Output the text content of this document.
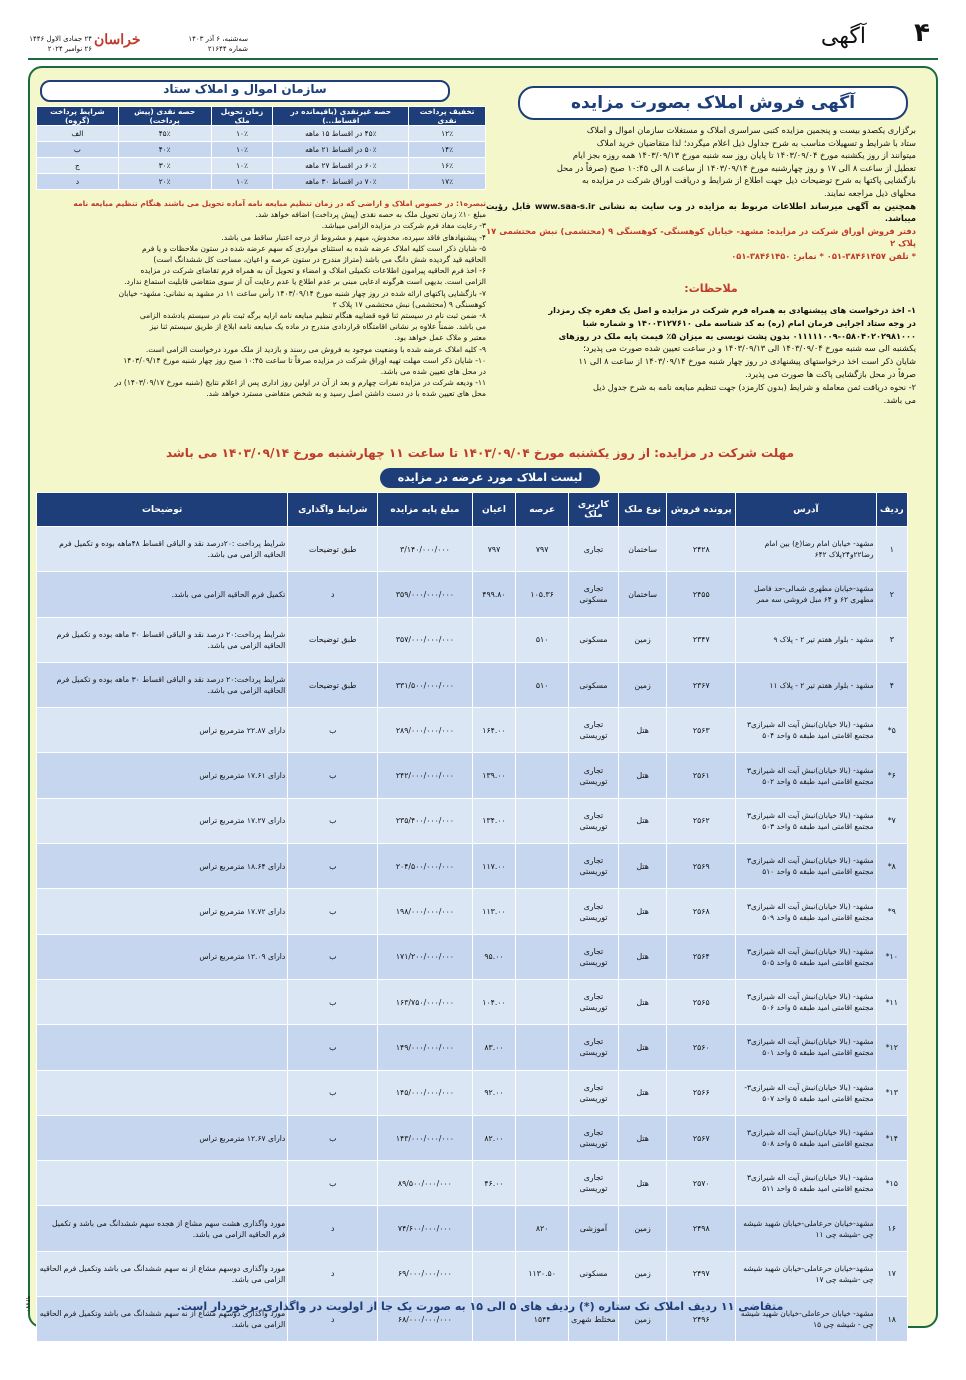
۴
آگهی
خراسان	سه‌شنبه، ۶ آذر ۱۴۰۳
شماره ۲۱۶۴۴
۲۴ جمادی الاول ۱۴۴۶
۲۶ نوامبر ۲۰۲۴
آگهی فروش املاک بصورت مزایده
سازمان اموال و املاک ستاد
برگزاری یکصدو بیست و پنجمین مزایده کتبی سراسری املاک و مستغلات سازمان اموال و املاک
ستاد با شرایط و تسهیلات مناسب به شرح جداول ذیل اعلام میگردد؛ لذا متقاضیان خرید املاک
میتوانند از روز یکشنبه مورخ ۱۴۰۳/۰۹/۰۴ تا پایان روز سه شنبه مورخ ۱۴۰۳/۰۹/۱۳ همه روزه بجز ایام
تعطیل از ساعت ۸ الی ۱۷ و روز چهارشنبه مورخ ۱۴۰۳/۰۹/۱۴ از ساعت ۸ الی ۱۰:۴۵ صبح (صرفاً در محل
بازگشایی پاکتها به شرح توضیحات ذیل جهت اطلاع از شرایط و دریافت اوراق شرکت در مزایده به
محلهای ذیل مراجعه نمایند.
همچنین به آگهی میرساند اطلاعات مربوط به مزایده در وب سایت به نشانی www.saa-s.ir قابل رؤیت میباشد.
دفتر فروش اوراق شرکت در مزایده: مشهد- خیابان کوهسنگی- کوهسنگی ۹ (محتشمی) نبش محتشمی ۱۷ پلاک ۲
* تلفن ۳۸۴۶۱۴۵۷-۰۵۱ * نمابر: ۳۸۴۶۱۴۵۰-۰۵۱
ملاحظات:
۱- اخذ درخواست های پیشنهادی به همراه فرم شرکت در مزایده و اصل یک فقره چک رمزدار
در وجه ستاد اجرایی فرمان امام (ره) به کد شناسه ملی ۱۴۰۰۳۱۲۷۶۱۰ و شماره شبا
۰۱۱۱۱۱۰۰۹-۰۵۸۰۴۰۲۰۲۹۸۱۰۰۰ بدون پشت نویسی به میزان ۵٪ قیمت پایه ملک در روزهای
یکشنبه الی سه شنبه مورخ ۱۴۰۳/۰۹/۰۴ الی ۱۴۰۳/۰۹/۱۳ و در ساعت تعیین شده صورت می پذیرد؛
شایان ذکر است اخذ درخواستهای پیشنهادی در روز چهار شنبه مورخ ۱۴۰۳/۰۹/۱۴ از ساعت ۸ الی ۱۱
صرفاً در محل بازگشایی پاکت ها صورت می پذیرد.
۲- نحوه دریافت ثمن معامله و شرایط (بدون کارمزد) جهت تنظیم مبایعه نامه به شرح جدول ذیل
می باشد.
تخفیف پرداخت نقدی	حصه غیرنقدی (باقیمانده در اقساط...)	زمان تحویل ملک	حصه نقدی (پیش پرداخت)	شرایط پرداخت (گروه)
۱۲٪	۴۵٪ در اقساط ۱۵ ماهه	۱۰٪	۴۵٪	الف
۱۴٪	۵۰٪ در اقساط ۲۱ ماهه	۱۰٪	۴۰٪	ب
۱۶٪	۶۰٪ در اقساط ۲۷ ماهه	۱۰٪	۳۰٪	ج
۱۷٪	۷۰٪ در اقساط ۳۰ ماهه	۱۰٪	۲۰٪	د
تبصره۱: در خصوص املاک و اراضی که در زمان تنظیم مبایعه نامه آماده تحویل می باشند هنگام تنظیم مبایعه نامه
مبلغ ۱۰٪ زمان تحویل ملک به حصه نقدی (پیش پرداخت) اضافه خواهد شد.
۳- رعایت مفاد فرم شرکت در مزایده الزامی میباشد.
۴- پیشنهادهای فاقد سپرده، مخدوش، مبهم و مشروط از درجه اعتبار ساقط می باشد.
۵- شایان ذکر است کلیه املاک عرضه شده به استثنای مواردی که سهم عرضه شده در ستون ملاحظات و یا فرم
الحاقیه قید گردیده شش دانگ می باشد (متراژ مندرج در ستون عرصه و اعیان، مساحت کل ششدانگ است)
۶- اخذ فرم الحاقیه پیرامون اطلاعات تکمیلی املاک و امضاء و تحویل آن به همراه فرم تقاضای شرکت در مزایده
الزامی است. بدیهی است هرگونه ادعایی مبنی بر عدم اطلاع یا عدم رعایت آن از سوی متقاضی قابلیت استماع ندارد.
۷- بازگشایی پاکتهای ارائه شده در روز چهار شنبه مورخ ۱۴۰۳/۰۹/۱۴ رأس ساعت ۱۱ در مشهد به نشانی: مشهد- خیابان
کوهسنگی ۹ (محتشمی) نبش محتشمی ۱۷ پلاک ۲
۸- ضمن ثبت نام در سیستم ثنا قوه قضاییه هنگام تنظیم مبایعه نامه ارایه برگه ثبت نام در سیستم یادشده الزامی
می باشد. ضمناً علاوه بر نشانی اقامتگاه قراردادی مندرج در ماده یک مبایعه نامه ابلاغ از طریق سیستم ثنا نیز
معتبر و ملاک عمل خواهد بود.
۹- کلیه املاک عرضه شده با وضعیت موجود به فروش می رسند و بازدید از ملک مورد درخواست الزامی است.
۱۰- شایان ذکر است مهلت تهیه اوراق شرکت در مزایده صرفاً تا ساعت ۱۰:۴۵ صبح روز چهار شنبه مورخ ۱۴۰۳/۰۹/۱۴
در محل های تعیین شده می باشد.
۱۱- ودیعه شرکت در مزایده نفرات چهارم و بعد از آن در اولین روز اداری پس از اعلام نتایج (شنبه مورخ ۱۴۰۳/۰۹/۱۷) در
محل های تعیین شده با در دست داشتن اصل رسید و به شخص متقاضی مسترد خواهد شد.
مهلت شرکت در مزایده: از روز یکشنبه مورخ ۱۴۰۳/۰۹/۰۴ تا ساعت ۱۱ چهارشنبه مورخ ۱۴۰۳/۰۹/۱۴ می باشد
لیست املاک مورد عرضه در مزایده
ردیف	آدرس	پرونده فروش	نوع ملک	کاربری ملک	عرصه	اعیان	مبلغ پایه مزایده	شرایط واگذاری	توضیحات
۱	مشهد- خیابان امام رضا(ع) بین امام رضا۲۲و۲۴پلاک ۶۴۲	۲۴۲۸	ساختمان	تجاری	۷۹۷	۷۹۷	۳/۱۴۰/۰۰۰/۰۰۰	طبق توضیحات	شرایط پرداخت :۲۰درصد نقد و الباقی اقساط ۴۸ماهه بوده و تکمیل فرم الحاقیه الزامی می باشد.
۲	مشهد-خیابان مطهری شمالی-حد فاصل مطهری ۶۲ و ۶۴ مبل فروشی سه ممر	۲۴۵۵	ساختمان	تجاری مسکونی	۱۰۵.۳۶	۴۹۹.۸۰	۳۵۹/۰۰۰/۰۰۰/۰۰۰	د	تکمیل فرم الحاقیه الزامی می باشد.
۳	مشهد - بلوار هفتم تیر ۲ - پلاک ۹	۲۳۴۷	زمین	مسکونی	۵۱۰		۳۵۷/۰۰۰/۰۰۰/۰۰۰	طبق توضیحات	شرایط پرداخت:۲۰ درصد نقد و الباقی اقساط ۳۰ ماهه بوده و تکمیل فرم الحاقیه الزامی می باشد.
۴	مشهد - بلوار هفتم تیر ۲ - پلاک ۱۱	۲۳۶۷	زمین	مسکونی	۵۱۰		۳۳۱/۵۰۰/۰۰۰/۰۰۰	طبق توضیحات	شرایط پرداخت:۲۰ درصد نقد و الباقی اقساط ۳۰ ماهه بوده و تکمیل فرم الحاقیه الزامی می باشد.
۵*	مشهد- (بالا خیابان)نبش آیت اله شیرازی۳ مجتمع اقامتی امید طبقه ۵ واحد ۵۰۴	۲۵۶۳	هتل	تجاری توریستی		۱۶۴.۰۰	۲۸۹/۰۰۰/۰۰۰/۰۰۰	ب	دارای ۲۲.۸۷ مترمربع تراس
۶*	مشهد- (بالا خیابان)نبش آیت اله شیرازی۳ مجتمع اقامتی امید طبقه ۵ واحد ۵۰۲	۲۵۶۱	هتل	تجاری توریستی		۱۳۹.۰۰	۲۴۲/۰۰۰/۰۰۰/۰۰۰	ب	دارای ۱۷.۶۱ مترمربع تراس
۷*	مشهد- (بالا خیابان)نبش آیت اله شیرازی۳ مجتمع اقامتی امید طبقه ۵ واحد ۵۰۳	۲۵۶۲	هتل	تجاری توریستی		۱۳۴.۰۰	۲۳۵/۴۰۰/۰۰۰/۰۰۰	ب	دارای ۱۷.۲۷ مترمربع تراس
۸*	مشهد- (بالا خیابان)نبش آیت اله شیرازی۳ مجتمع اقامتی امید طبقه ۵ واحد ۵۱۰	۲۵۶۹	هتل	تجاری توریستی		۱۱۷.۰۰	۲۰۴/۵۰۰/۰۰۰/۰۰۰	ب	دارای ۱۸.۶۴ مترمربع تراس
۹*	مشهد- (بالا خیابان)نبش آیت اله شیرازی۳ مجتمع اقامتی امید طبقه ۵ واحد ۵۰۹	۲۵۶۸	هتل	تجاری توریستی		۱۱۳.۰۰	۱۹۸/۰۰۰/۰۰۰/۰۰۰	ب	دارای ۱۷.۷۲ مترمربع تراس
۱۰*	مشهد- (بالا خیابان)نبش آیت اله شیرازی۳ مجتمع اقامتی امید طبقه ۵ واحد ۵۰۵	۲۵۶۴	هتل	تجاری توریستی		۹۵.۰۰	۱۷۱/۲۰۰/۰۰۰/۰۰۰	ب	دارای ۱۲.۰۹ مترمربع تراس
۱۱*	مشهد- (بالا خیابان)نبش آیت اله شیرازی۳ مجتمع اقامتی امید طبقه ۵ واحد ۵۰۶	۲۵۶۵	هتل	تجاری توریستی		۱۰۴.۰۰	۱۶۳/۷۵۰/۰۰۰/۰۰۰	ب	
۱۲*	مشهد- (بالا خیابان)نبش آیت اله شیرازی۳ مجتمع اقامتی امید طبقه ۵ واحد ۵۰۱	۲۵۶۰	هتل	تجاری توریستی		۸۳.۰۰	۱۴۹/۰۰۰/۰۰۰/۰۰۰	ب	
۱۳*	مشهد- (بالا خیابان)نبش آیت اله شیرازی۳-مجتمع اقامتی امید طبقه ۵ واحد ۵۰۷	۲۵۶۶	هتل	تجاری توریستی		۹۲.۰۰	۱۴۵/۰۰۰/۰۰۰/۰۰۰	ب	
۱۴*	مشهد- (بالا خیابان)نبش آیت اله شیرازی۳ مجتمع اقامتی امید طبقه ۵ واحد ۵۰۸	۲۵۶۷	هتل	تجاری توریستی		۸۲.۰۰	۱۴۳/۰۰۰/۰۰۰/۰۰۰	ب	دارای ۱۲.۶۷ مترمربع تراس
۱۵*	مشهد- (بالا خیابان)نبش آیت اله شیرازی۳ مجتمع اقامتی امید طبقه ۵ واحد ۵۱۱	۲۵۷۰	هتل	تجاری توریستی		۴۶.۰۰	۸۹/۵۰۰/۰۰۰/۰۰۰	ب	
۱۶	مشهد-خیابان حرعاملی-خیابان شهید شیشه چی -شیشه چی ۱۱	۲۴۹۸	زمین	آموزشی	۸۲۰		۷۴/۶۰۰/۰۰۰/۰۰۰	د	مورد واگذاری هشت سهم مشاع از هجده سهم ششدانگ می باشد و تکمیل فرم الحاقیه الزامی می باشد.
۱۷	مشهد-خیابان حرعاملی-خیابان شهید شیشه چی -شیشه چی ۱۷	۲۴۹۷	زمین	مسکونی	۱۱۳۰.۵۰		۶۹/۰۰۰/۰۰۰/۰۰۰	د	مورد واگذاری دوسهم مشاع از نه سهم ششدانگ می باشد وتکمیل فرم الحاقیه الزامی می باشد.
۱۸	مشهد- خیابان حرعاملی-خیابان شهید شیشه چی - شیشه چی ۱۵	۲۴۹۶	زمین	مختلط شهری	۱۵۴۴		۶۸/۰۰۰/۰۰۰/۰۰۰	د	مورد واگذاری دوسهم مشاع از نه سهم ششدانگ می باشد وتکمیل فرم الحاقیه الزامی می باشد.
متقاضی ۱۱ ردیف املاک تک ستاره (*) ردیف های ۵ الی ۱۵ به صورت یک جا از اولویت در واگذاری برخوردار است.
۹۴۷۷۰
